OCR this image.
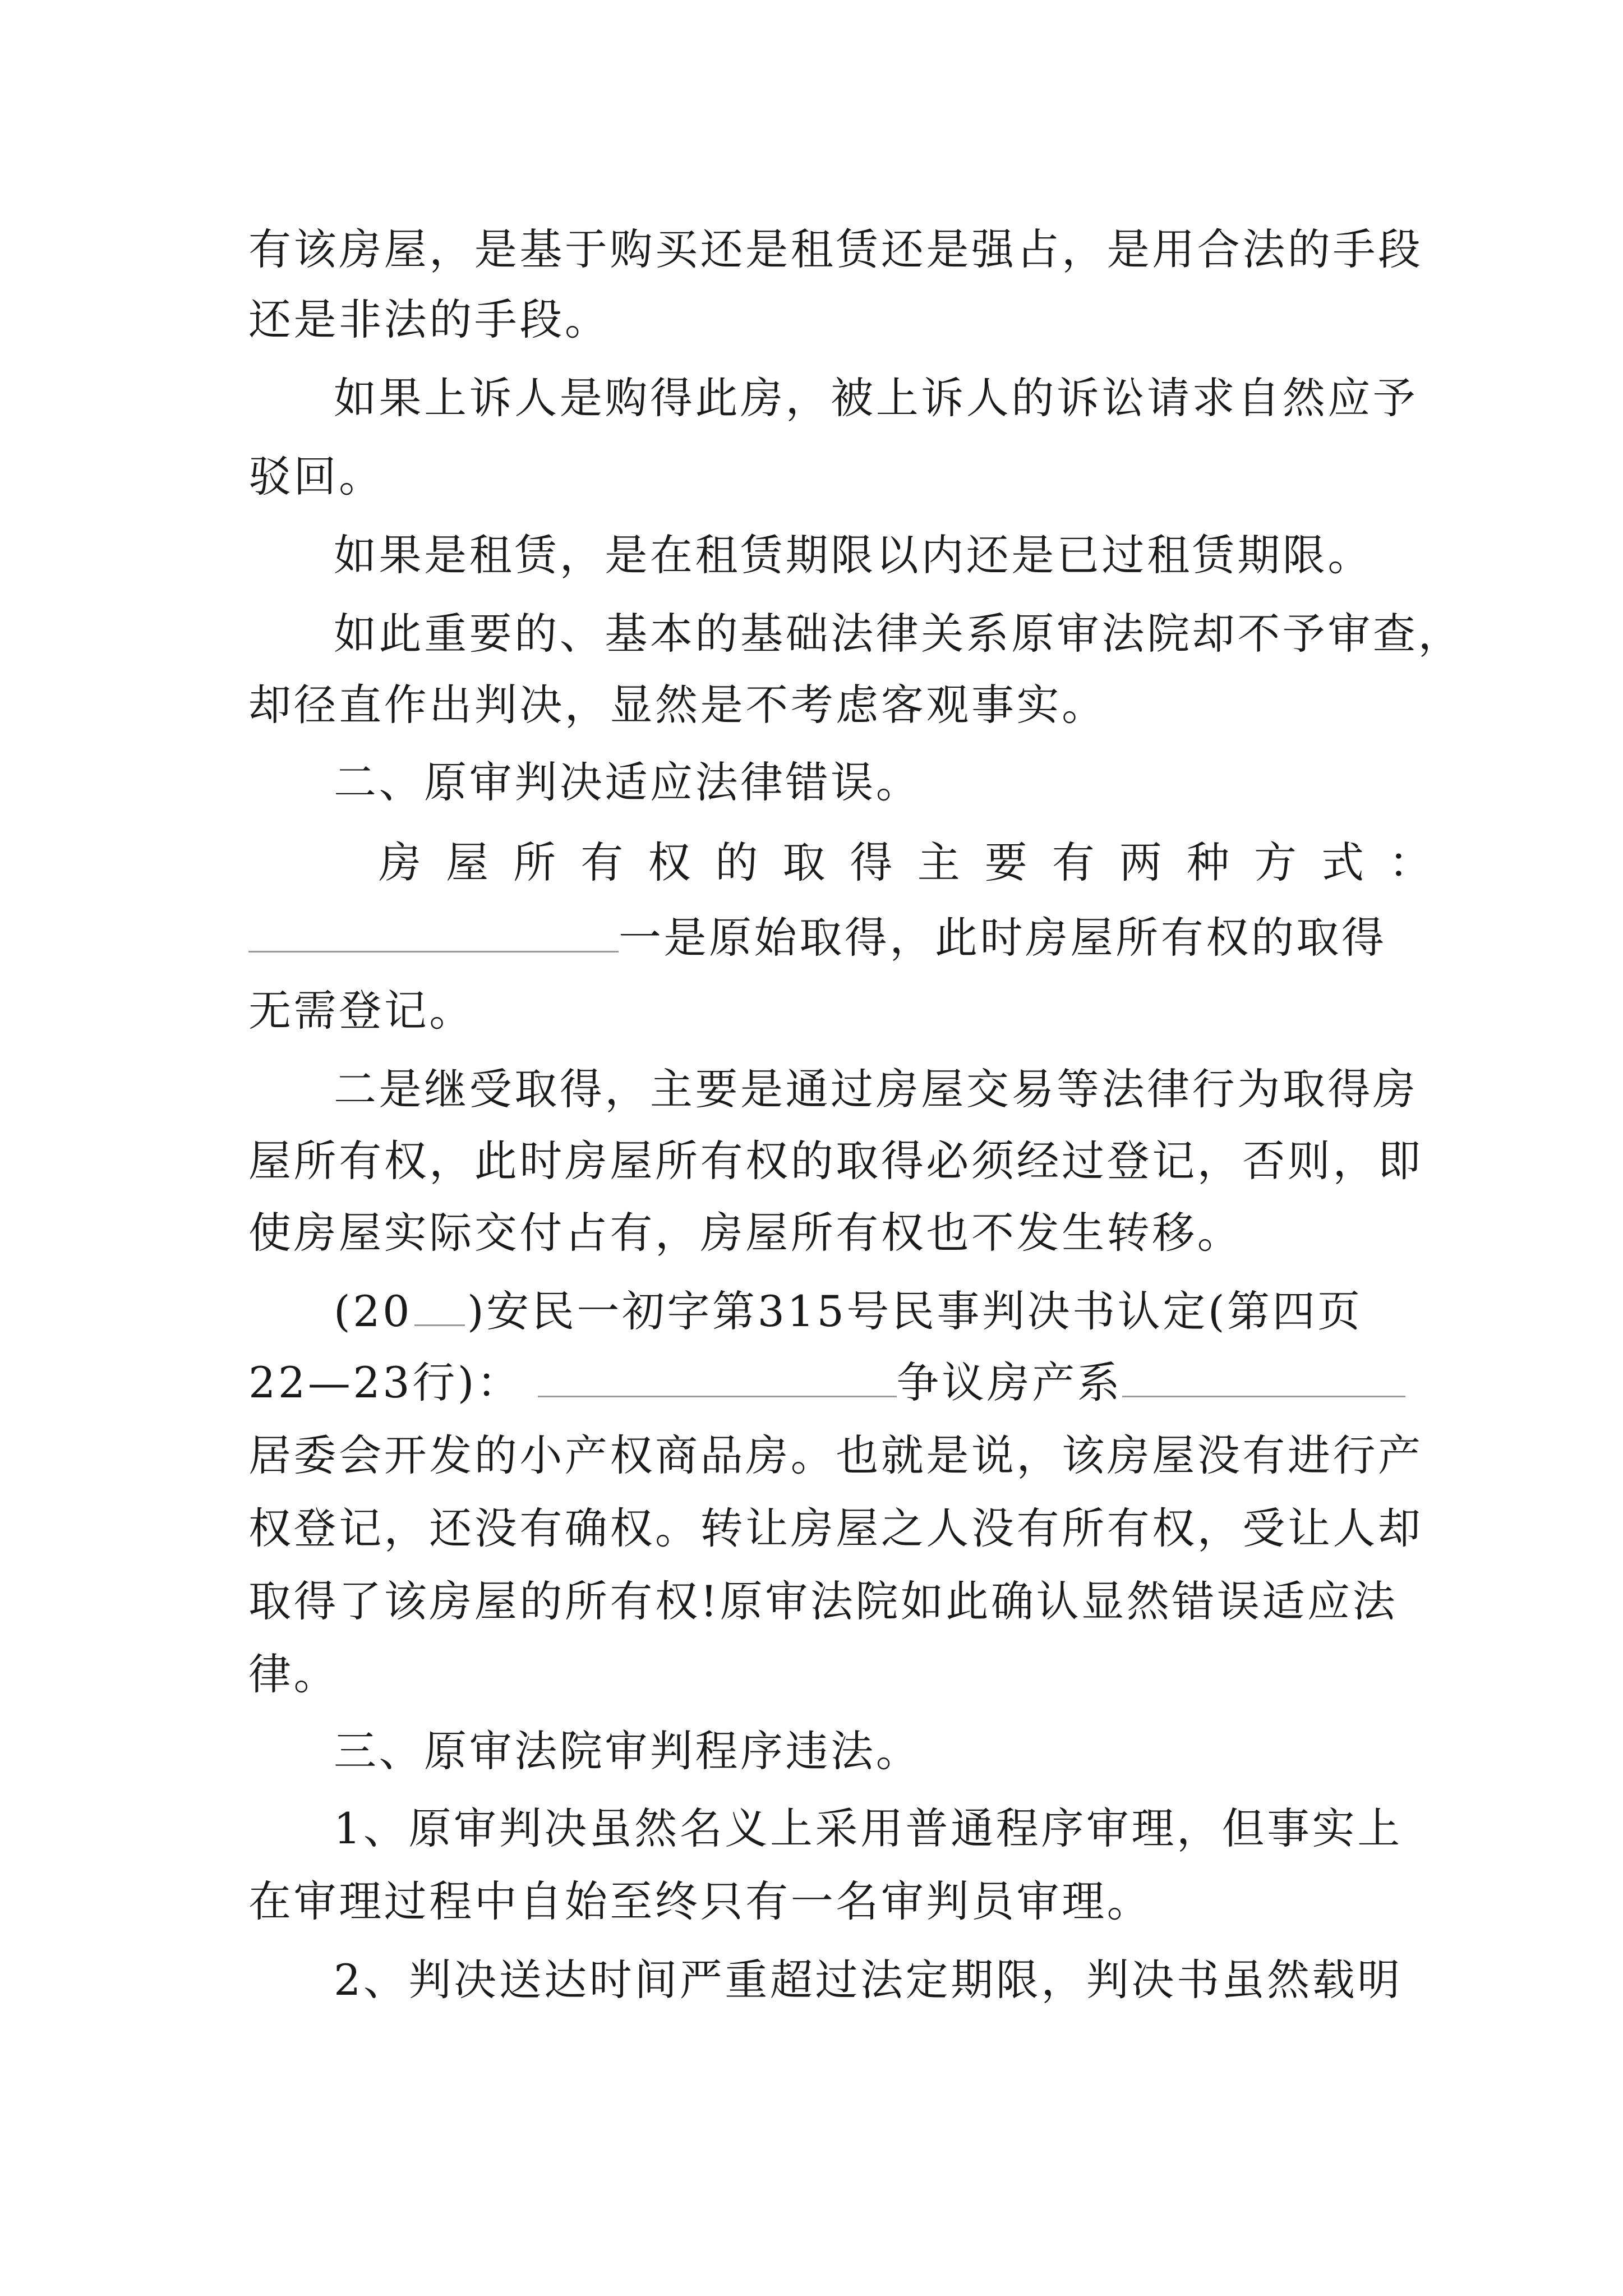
有该房屋，是基于购买还是租赁还是强占，是用合法的手段
还是非法的手段。
如果上诉人是购得此房，被上诉人的诉讼请求自然应予
驳回。
如果是租赁，是在租赁期限以内还是已过租赁期限。
如此重要的、基本的基础法律关系原审法院却不予审查，
却径直作出判决，显然是不考虑客观事实。
二、原审判决适应法律错误。
房屋所有权的取得主要有两种方式：
一是原始取得，此时房屋所有权的取得
无需登记。
二是继受取得，主要是通过房屋交易等法律行为取得房
屋所有权，此时房屋所有权的取得必须经过登记，否则，即
使房屋实际交付占有，房屋所有权也不发生转移。
(20 )安民一初字第315号民事判决书认定(第四页
22—23行)：	争议房产系
居委会开发的小产权商品房。也就是说，该房屋没有进行产
权登记，还没有确权。转让房屋之人没有所有权，受让人却
取得了该房屋的所有权!原审法院如此确认显然错误适应法
律。
三、原审法院审判程序违法。
1、原审判决虽然名义上采用普通程序审理，但事实上
在审理过程中自始至终只有一名审判员审理。
2、判决送达时间严重超过法定期限，判决书虽然载明
